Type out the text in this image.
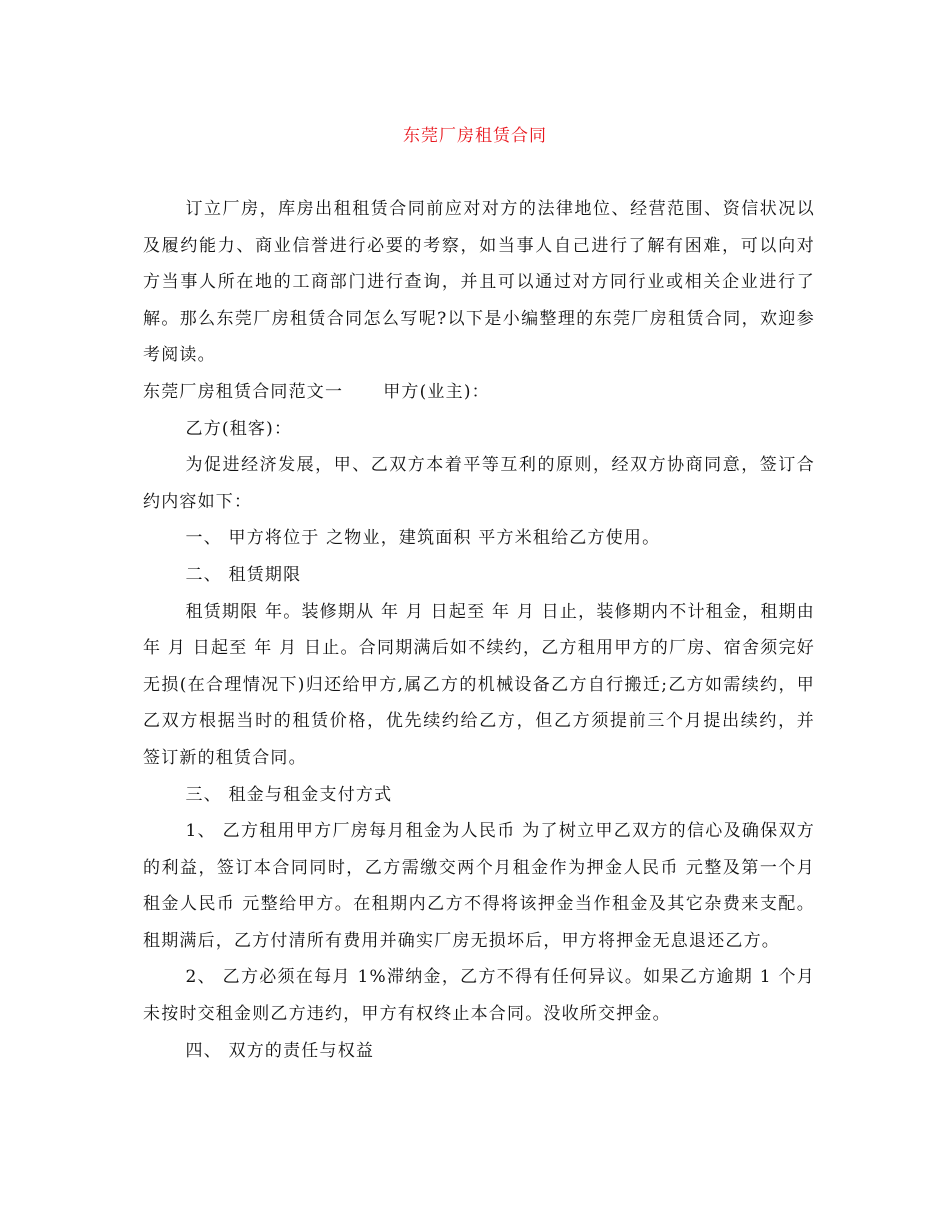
东莞厂房租赁合同

订立厂房，库房出租租赁合同前应对对方的法律地位、经营范围、资信状况以及履约能力、商业信誉进行必要的考察，如当事人自己进行了解有困难，可以向对方当事人所在地的工商部门进行查询，并且可以通过对方同行业或相关企业进行了解。那么东莞厂房租赁合同怎么写呢?以下是小编整理的东莞厂房租赁合同，欢迎参考阅读。

东莞厂房租赁合同范文一 甲方(业主)：

乙方(租客)：

为促进经济发展，甲、乙双方本着平等互利的原则，经双方协商同意，签订合约内容如下：

一、 甲方将位于 之物业，建筑面积 平方米租给乙方使用。

二、 租赁期限

租赁期限 年。装修期从 年 月 日起至 年 月 日止，装修期内不计租金，租期由 年 月 日起至 年 月 日止。合同期满后如不续约，乙方租用甲方的厂房、宿舍须完好无损(在合理情况下)归还给甲方,属乙方的机械设备乙方自行搬迁;乙方如需续约，甲乙双方根据当时的租赁价格，优先续约给乙方，但乙方须提前三个月提出续约，并签订新的租赁合同。

三、 租金与租金支付方式

1、 乙方租用甲方厂房每月租金为人民币 为了树立甲乙双方的信心及确保双方的利益，签订本合同同时，乙方需缴交两个月租金作为押金人民币 元整及第一个月租金人民币 元整给甲方。在租期内乙方不得将该押金当作租金及其它杂费来支配。租期满后，乙方付清所有费用并确实厂房无损坏后，甲方将押金无息退还乙方。

2、 乙方必须在每月 1%滞纳金，乙方不得有任何异议。如果乙方逾期 1 个月未按时交租金则乙方违约，甲方有权终止本合同。没收所交押金。

四、 双方的责任与权益
